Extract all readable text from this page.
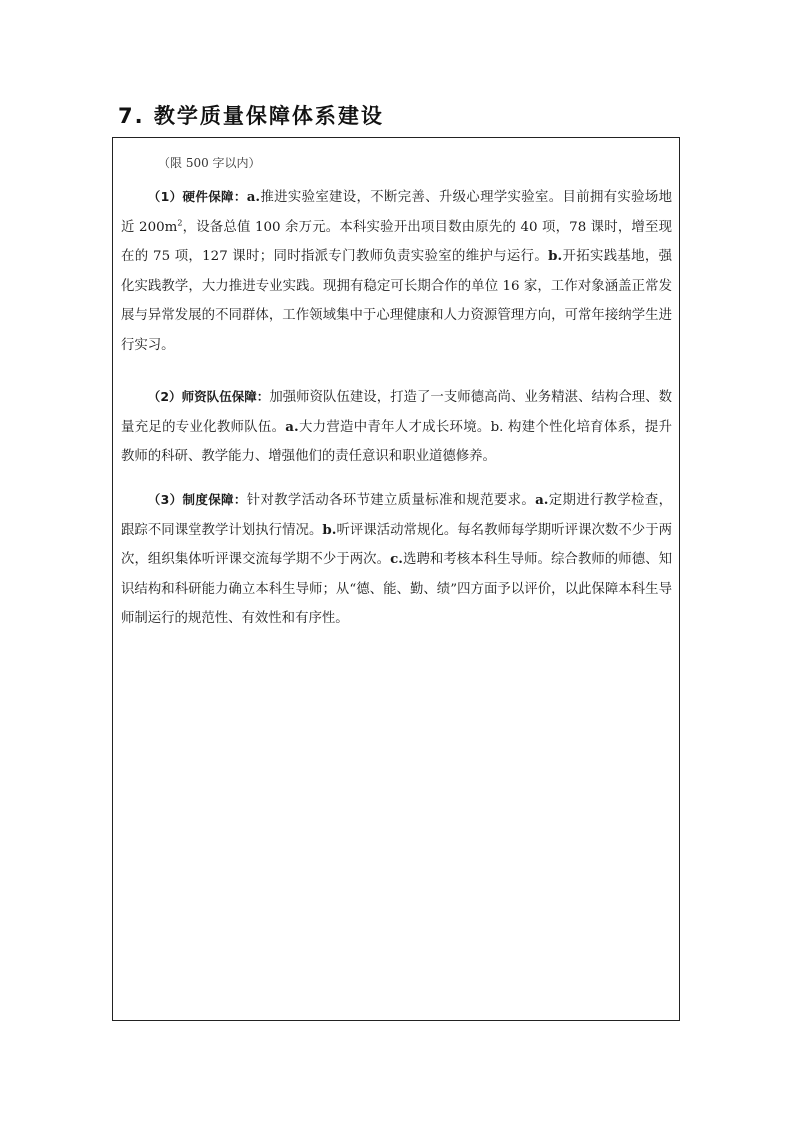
7. 教学质量保障体系建设
（限 500 字以内）

（1）硬件保障：a.推进实验室建设，不断完善、升级心理学实验室。目前拥有实验场地近 $200m^2$，设备总值 100 余万元。本科实验开出项目数由原先的 40 项，78 课时，增至现在的 75 项，127 课时；同时指派专门教师负责实验室的维护与运行。b.开拓实践基地，强化实践教学，大力推进专业实践。现拥有稳定可长期合作的单位 16 家，工作对象涵盖正常发展与异常发展的不同群体，工作领域集中于心理健康和人力资源管理方向，可常年接纳学生进行实习。

（2）师资队伍保障：加强师资队伍建设，打造了一支师德高尚、业务精湛、结构合理、数量充足的专业化教师队伍。a.大力营造中青年人才成长环境。b. 构建个性化培育体系，提升教师的科研、教学能力、增强他们的责任意识和职业道德修养。

（3）制度保障：针对教学活动各环节建立质量标准和规范要求。a.定期进行教学检查，跟踪不同课堂教学计划执行情况。b.听评课活动常规化。每名教师每学期听评课次数不少于两次，组织集体听评课交流每学期不少于两次。c.选聘和考核本科生导师。综合教师的师德、知识结构和科研能力确立本科生导师；从“德、能、勤、绩”四方面予以评价，以此保障本科生导师制运行的规范性、有效性和有序性。
